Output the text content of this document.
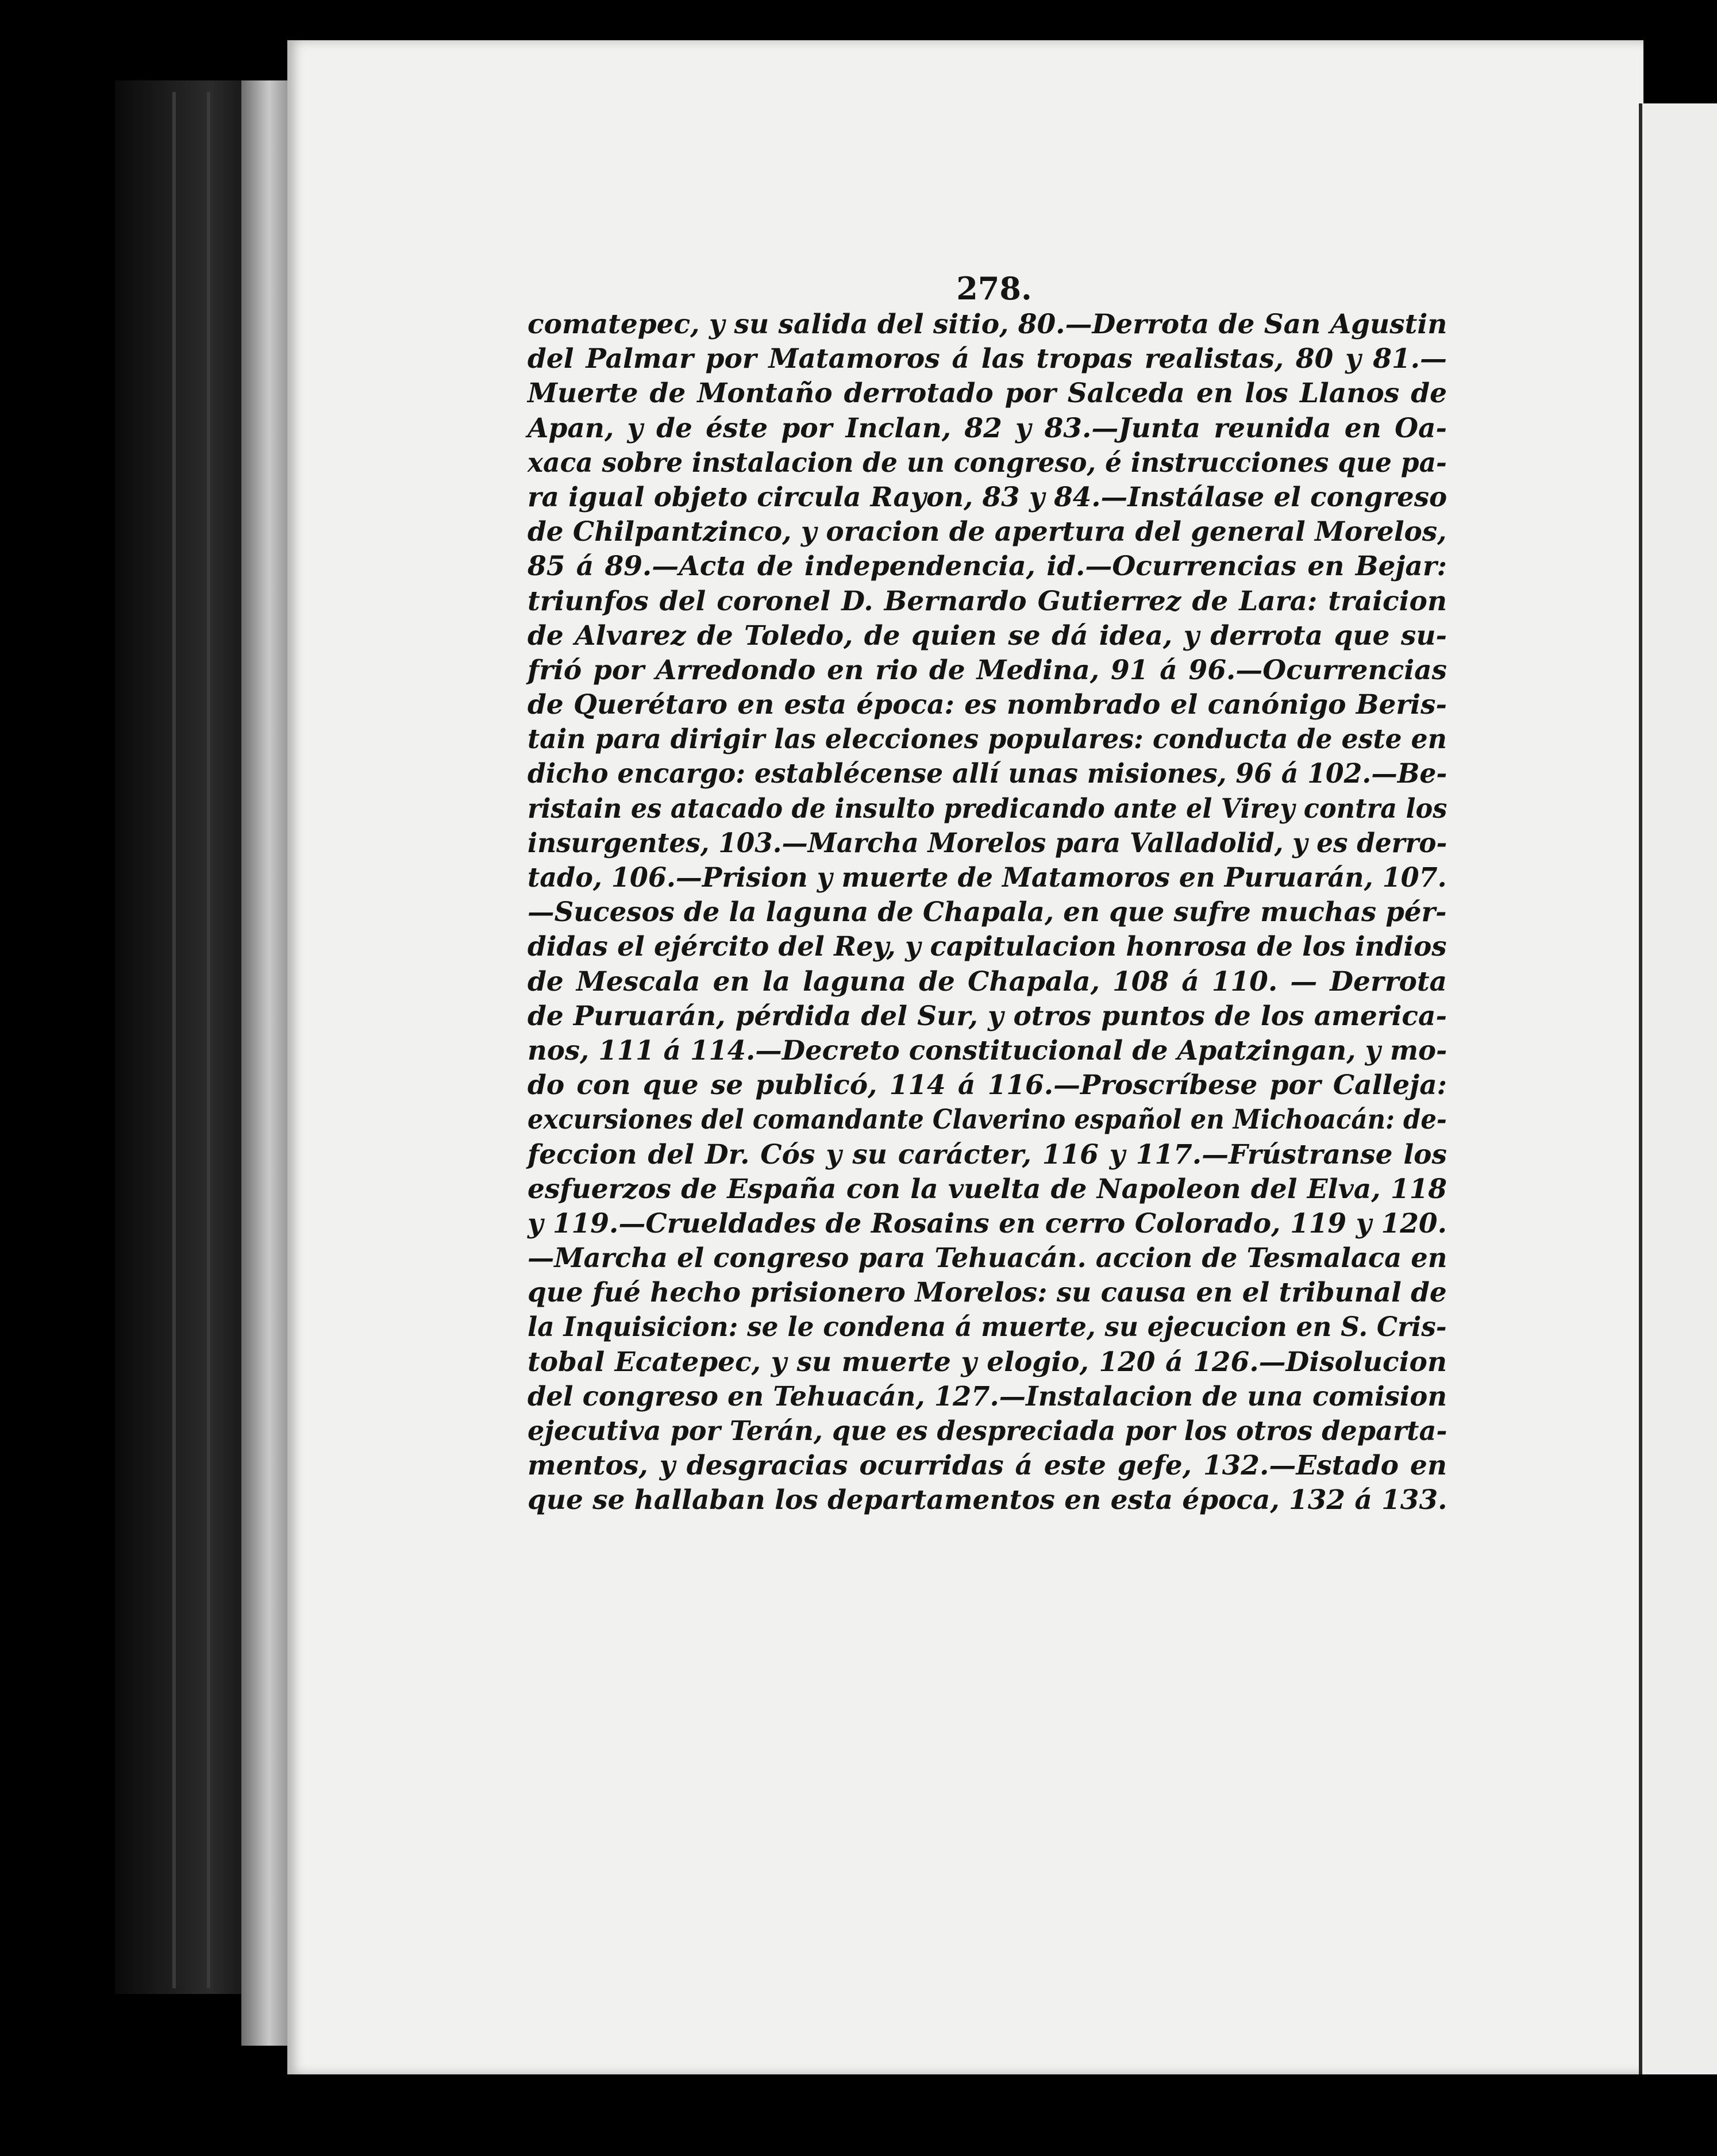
278.
comatepec, y su salida del sitio, 80.—Derrota de San Agustin
del Palmar por Matamoros á las tropas realistas, 80 y 81.—
Muerte de Montaño derrotado por Salceda en los Llanos de
Apan, y de éste por Inclan, 82 y 83.—Junta reunida en Oa-
xaca sobre instalacion de un congreso, é instrucciones que pa-
ra igual objeto circula Rayon, 83 y 84.—Instálase el congreso
de Chilpantzinco, y oracion de apertura del general Morelos,
85 á 89.—Acta de independencia, id.—Ocurrencias en Bejar:
triunfos del coronel D. Bernardo Gutierrez de Lara: traicion
de Alvarez de Toledo, de quien se dá idea, y derrota que su-
frió por Arredondo en rio de Medina, 91 á 96.—Ocurrencias
de Querétaro en esta época: es nombrado el canónigo Beris-
tain para dirigir las elecciones populares: conducta de este en
dicho encargo: establécense allí unas misiones, 96 á 102.—Be-
ristain es atacado de insulto predicando ante el Virey contra los
insurgentes, 103.—Marcha Morelos para Valladolid, y es derro-
tado, 106.—Prision y muerte de Matamoros en Puruarán, 107.
—Sucesos de la laguna de Chapala, en que sufre muchas pér-
didas el ejército del Rey, y capitulacion honrosa de los indios
de Mescala en la laguna de Chapala, 108 á 110. — Derrota
de Puruarán, pérdida del Sur, y otros puntos de los america-
nos, 111 á 114.—Decreto constitucional de Apatzingan, y mo-
do con que se publicó, 114 á 116.—Proscríbese por Calleja:
excursiones del comandante Claverino español en Michoacán: de-
feccion del Dr. Cós y su carácter, 116 y 117.—Frústranse los
esfuerzos de España con la vuelta de Napoleon del Elva, 118
y 119.—Crueldades de Rosains en cerro Colorado, 119 y 120.
—Marcha el congreso para Tehuacán. accion de Tesmalaca en
que fué hecho prisionero Morelos: su causa en el tribunal de
la Inquisicion: se le condena á muerte, su ejecucion en S. Cris-
tobal Ecatepec, y su muerte y elogio, 120 á 126.—Disolucion
del congreso en Tehuacán, 127.—Instalacion de una comision
ejecutiva por Terán, que es despreciada por los otros departa-
mentos, y desgracias ocurridas á este gefe, 132.—Estado en
que se hallaban los departamentos en esta época, 132 á 133.
